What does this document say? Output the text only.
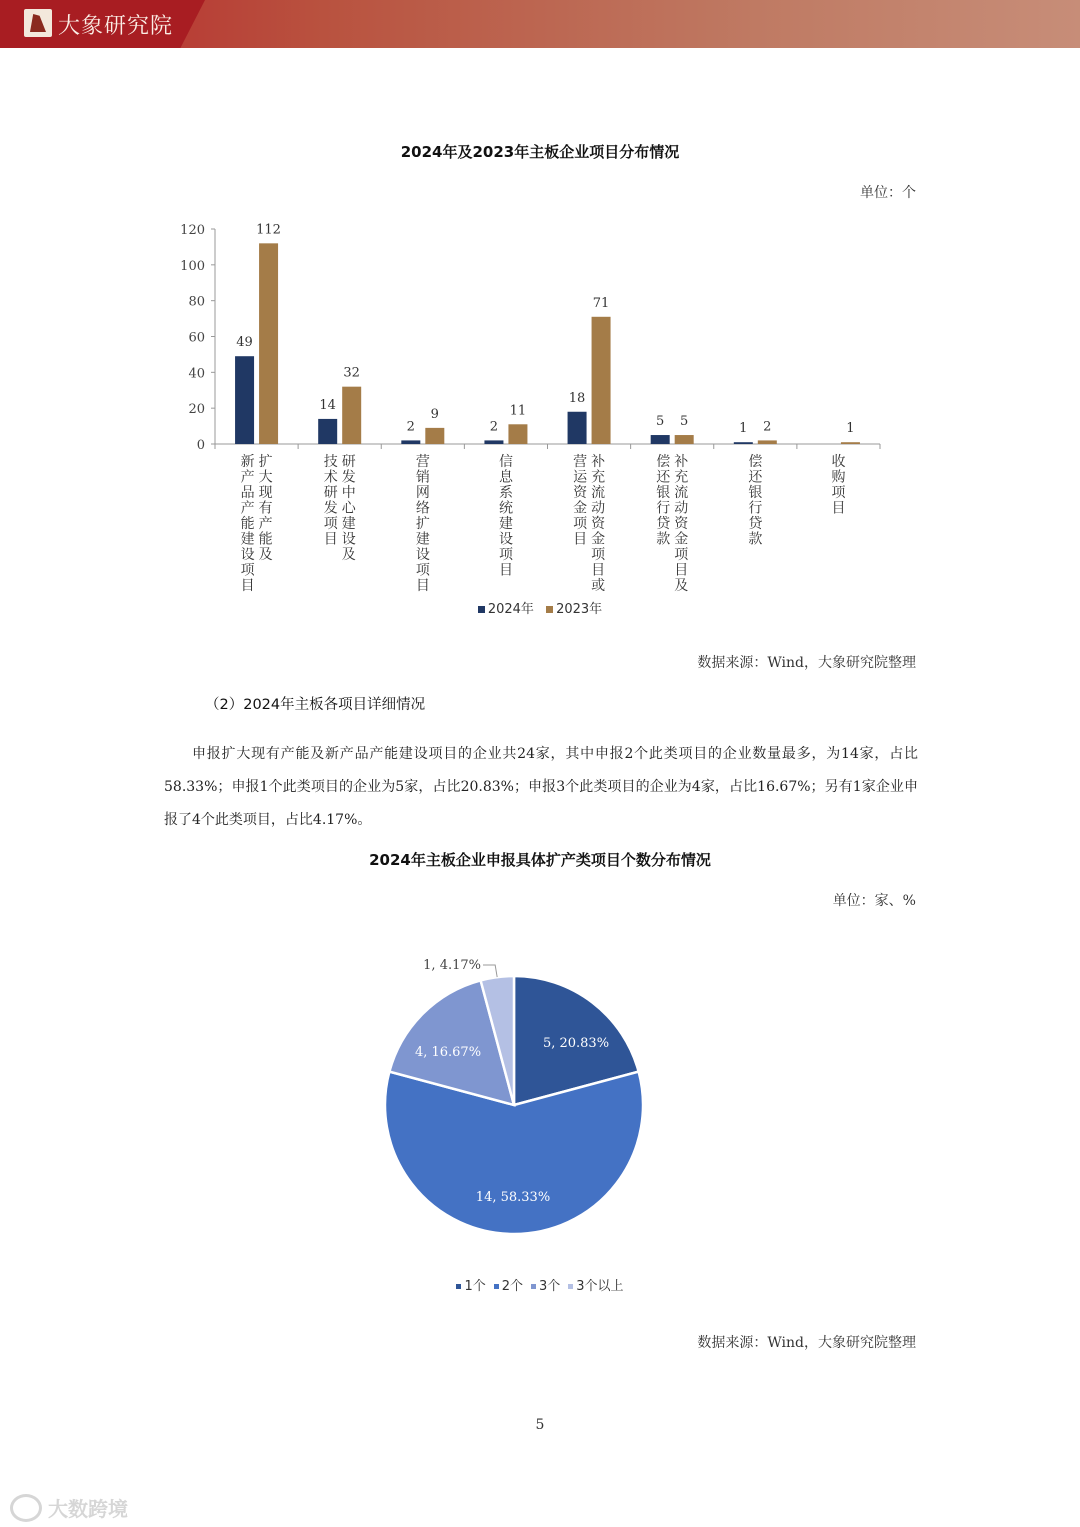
大象研究院
2024年及2023年主板企业项目分布情况
单位：个
0
20
40
60
80
100
120
49
112
扩大现有产能及
新产品产能建设项目
14
32
研发中心建设及
技术研发项目
2
9
营销网络扩建设项目
2
11
信息系统建设项目
18
71
补充流动资金项目或
营运资金项目
5 5
补充流动资金项目及
偿还银行贷款
1 2
偿还银行贷款
1
收购项目
2024年 2023年
数据来源：Wind，大象研究院整理
（2）2024年主板各项目详细情况
申报扩大现有产能及新产品产能建设项目的企业共24家，其中申报2个此类项目的企业数量最多，为14家，占比58.33%；申报1个此类项目的企业为5家，占比20.83%；申报3个此类项目的企业为4家，占比16.67%；另有1家企业申报了4个此类项目，占比4.17%。
2024年主板企业申报具体扩产类项目个数分布情况
单位：家、%
5, 20.83%
14, 58.33%
4, 16.67%
1, 4.17%
1个 2个 3个 3个以上
数据来源：Wind，大象研究院整理
5
大数跨境
